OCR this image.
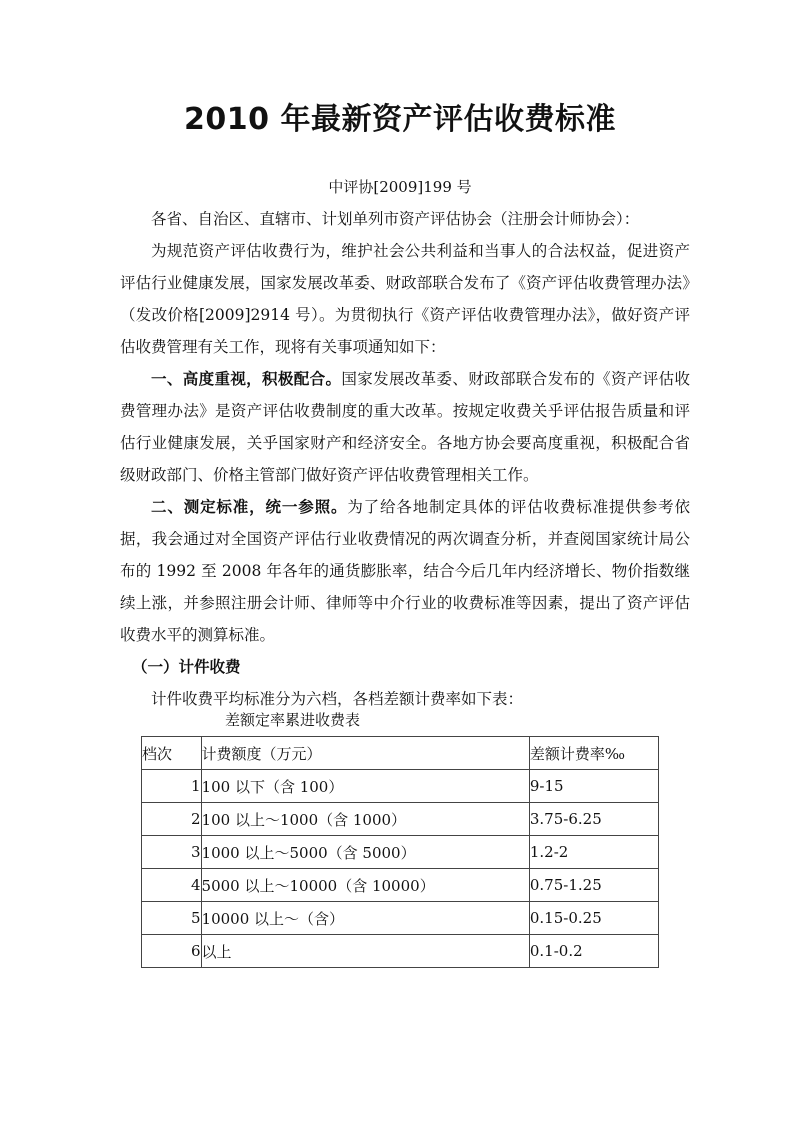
2010 年最新资产评估收费标准
中评协[2009]199 号

各省、自治区、直辖市、计划单列市资产评估协会（注册会计师协会）：

为规范资产评估收费行为，维护社会公共利益和当事人的合法权益，促进资产评估行业健康发展，国家发展改革委、财政部联合发布了《资产评估收费管理办法》（发改价格[2009]2914 号）。为贯彻执行《资产评估收费管理办法》，做好资产评估收费管理有关工作，现将有关事项通知如下：

一、高度重视，积极配合。国家发展改革委、财政部联合发布的《资产评估收费管理办法》是资产评估收费制度的重大改革。按规定收费关乎评估报告质量和评估行业健康发展，关乎国家财产和经济安全。各地方协会要高度重视，积极配合省级财政部门、价格主管部门做好资产评估收费管理相关工作。

二、测定标准，统一参照。为了给各地制定具体的评估收费标准提供参考依据，我会通过对全国资产评估行业收费情况的两次调查分析，并查阅国家统计局公布的 1992 至 2008 年各年的通货膨胀率，结合今后几年内经济增长、物价指数继续上涨，并参照注册会计师、律师等中介行业的收费标准等因素，提出了资产评估收费水平的测算标准。

（一）计件收费

计件收费平均标准分为六档，各档差额计费率如下表：

差额定率累进收费表
档次	计费额度（万元）	差额计费率‰
1	100 以下（含 100）	9-15
2	100 以上～1000（含 1000）	3.75-6.25
3	1000 以上～5000（含 5000）	1.2-2
4	5000 以上～10000（含 10000）	0.75-1.25
5	10000 以上～（含）	0.15-0.25
6	以上	0.1-0.2
